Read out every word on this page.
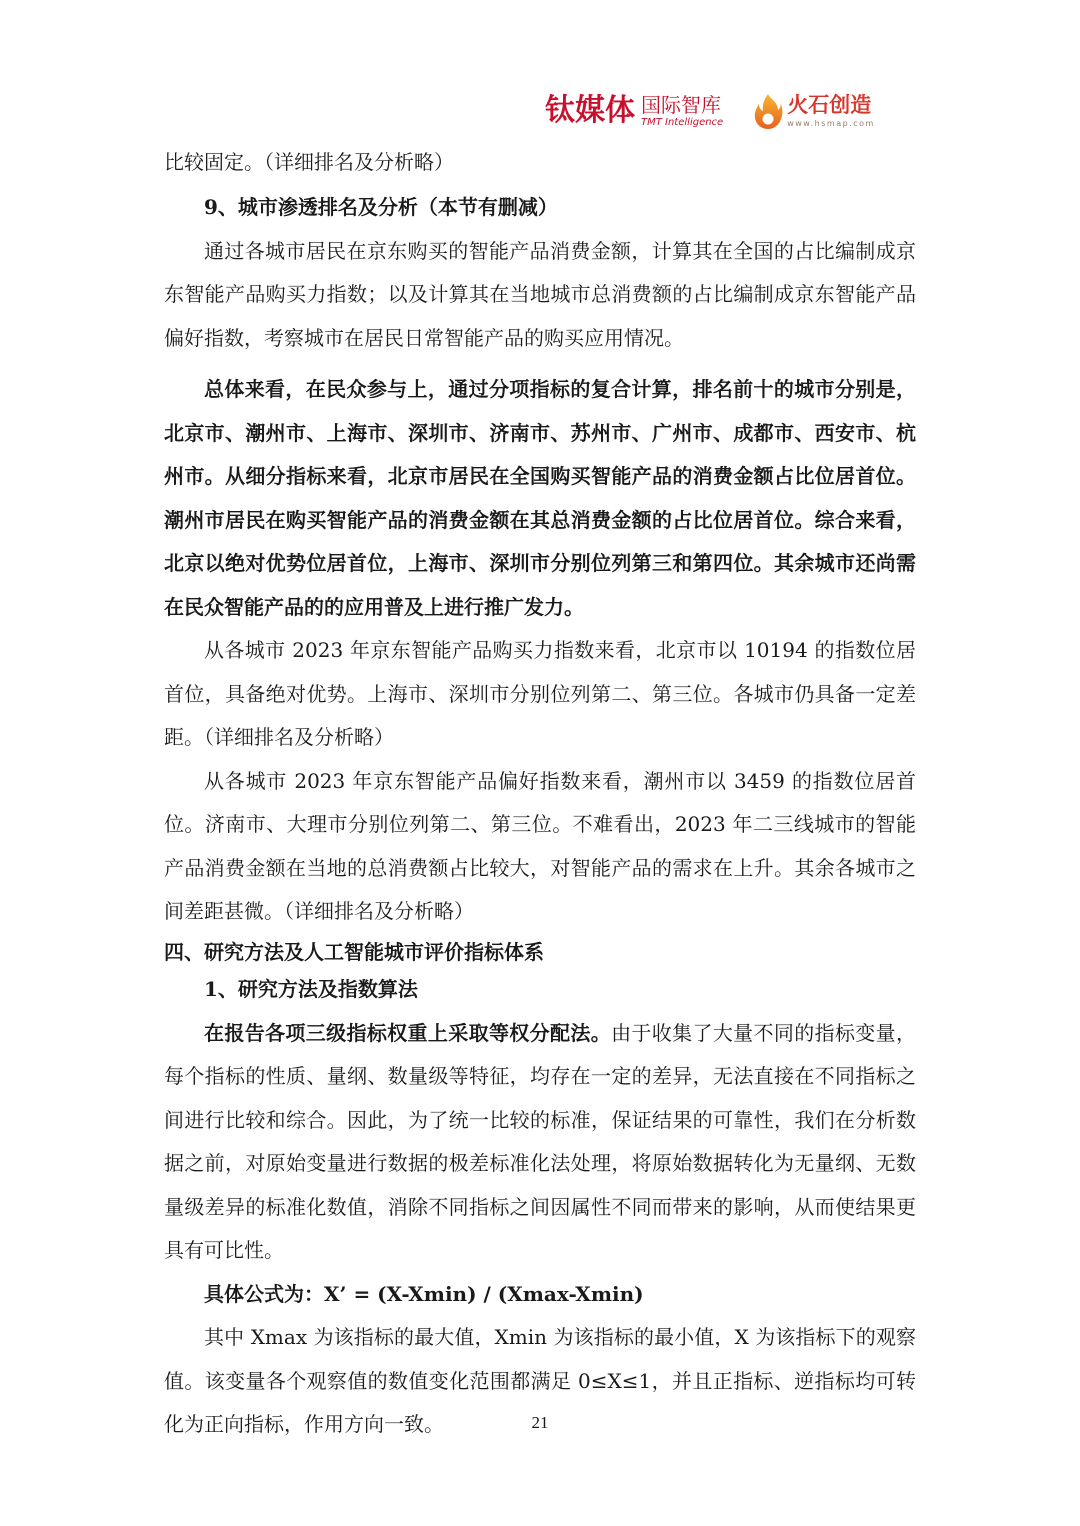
钛媒体 国际智库
TMT Intelligence
火石创造
www.hsmap.com

比较固定。（详细排名及分析略）

9、城市渗透排名及分析（本节有删减）

通过各城市居民在京东购买的智能产品消费金额，计算其在全国的占比编制成京东智能产品购买力指数；以及计算其在当地城市总消费额的占比编制成京东智能产品偏好指数，考察城市在居民日常智能产品的购买应用情况。

总体来看，在民众参与上，通过分项指标的复合计算，排名前十的城市分别是，北京市、潮州市、上海市、深圳市、济南市、苏州市、广州市、成都市、西安市、杭州市。从细分指标来看，北京市居民在全国购买智能产品的消费金额占比位居首位。潮州市居民在购买智能产品的消费金额在其总消费金额的占比位居首位。综合来看，北京以绝对优势位居首位，上海市、深圳市分别位列第三和第四位。其余城市还尚需在民众智能产品的的应用普及上进行推广发力。

从各城市 2023 年京东智能产品购买力指数来看，北京市以 10194 的指数位居首位，具备绝对优势。上海市、深圳市分别位列第二、第三位。各城市仍具备一定差距。（详细排名及分析略）

从各城市 2023 年京东智能产品偏好指数来看，潮州市以 3459 的指数位居首位。济南市、大理市分别位列第二、第三位。不难看出，2023 年二三线城市的智能产品消费金额在当地的总消费额占比较大，对智能产品的需求在上升。其余各城市之间差距甚微。（详细排名及分析略）

四、研究方法及人工智能城市评价指标体系

1、研究方法及指数算法

在报告各项三级指标权重上采取等权分配法。由于收集了大量不同的指标变量，每个指标的性质、量纲、数量级等特征，均存在一定的差异，无法直接在不同指标之间进行比较和综合。因此，为了统一比较的标准，保证结果的可靠性，我们在分析数据之前，对原始变量进行数据的极差标准化法处理，将原始数据转化为无量纲、无数量级差异的标准化数值，消除不同指标之间因属性不同而带来的影响，从而使结果更具有可比性。

具体公式为：X’ = (X-Xmin) / (Xmax-Xmin)

其中 Xmax 为该指标的最大值，Xmin 为该指标的最小值，X 为该指标下的观察值。该变量各个观察值的数值变化范围都满足 0≤X≤1，并且正指标、逆指标均可转化为正向指标，作用方向一致。	21
